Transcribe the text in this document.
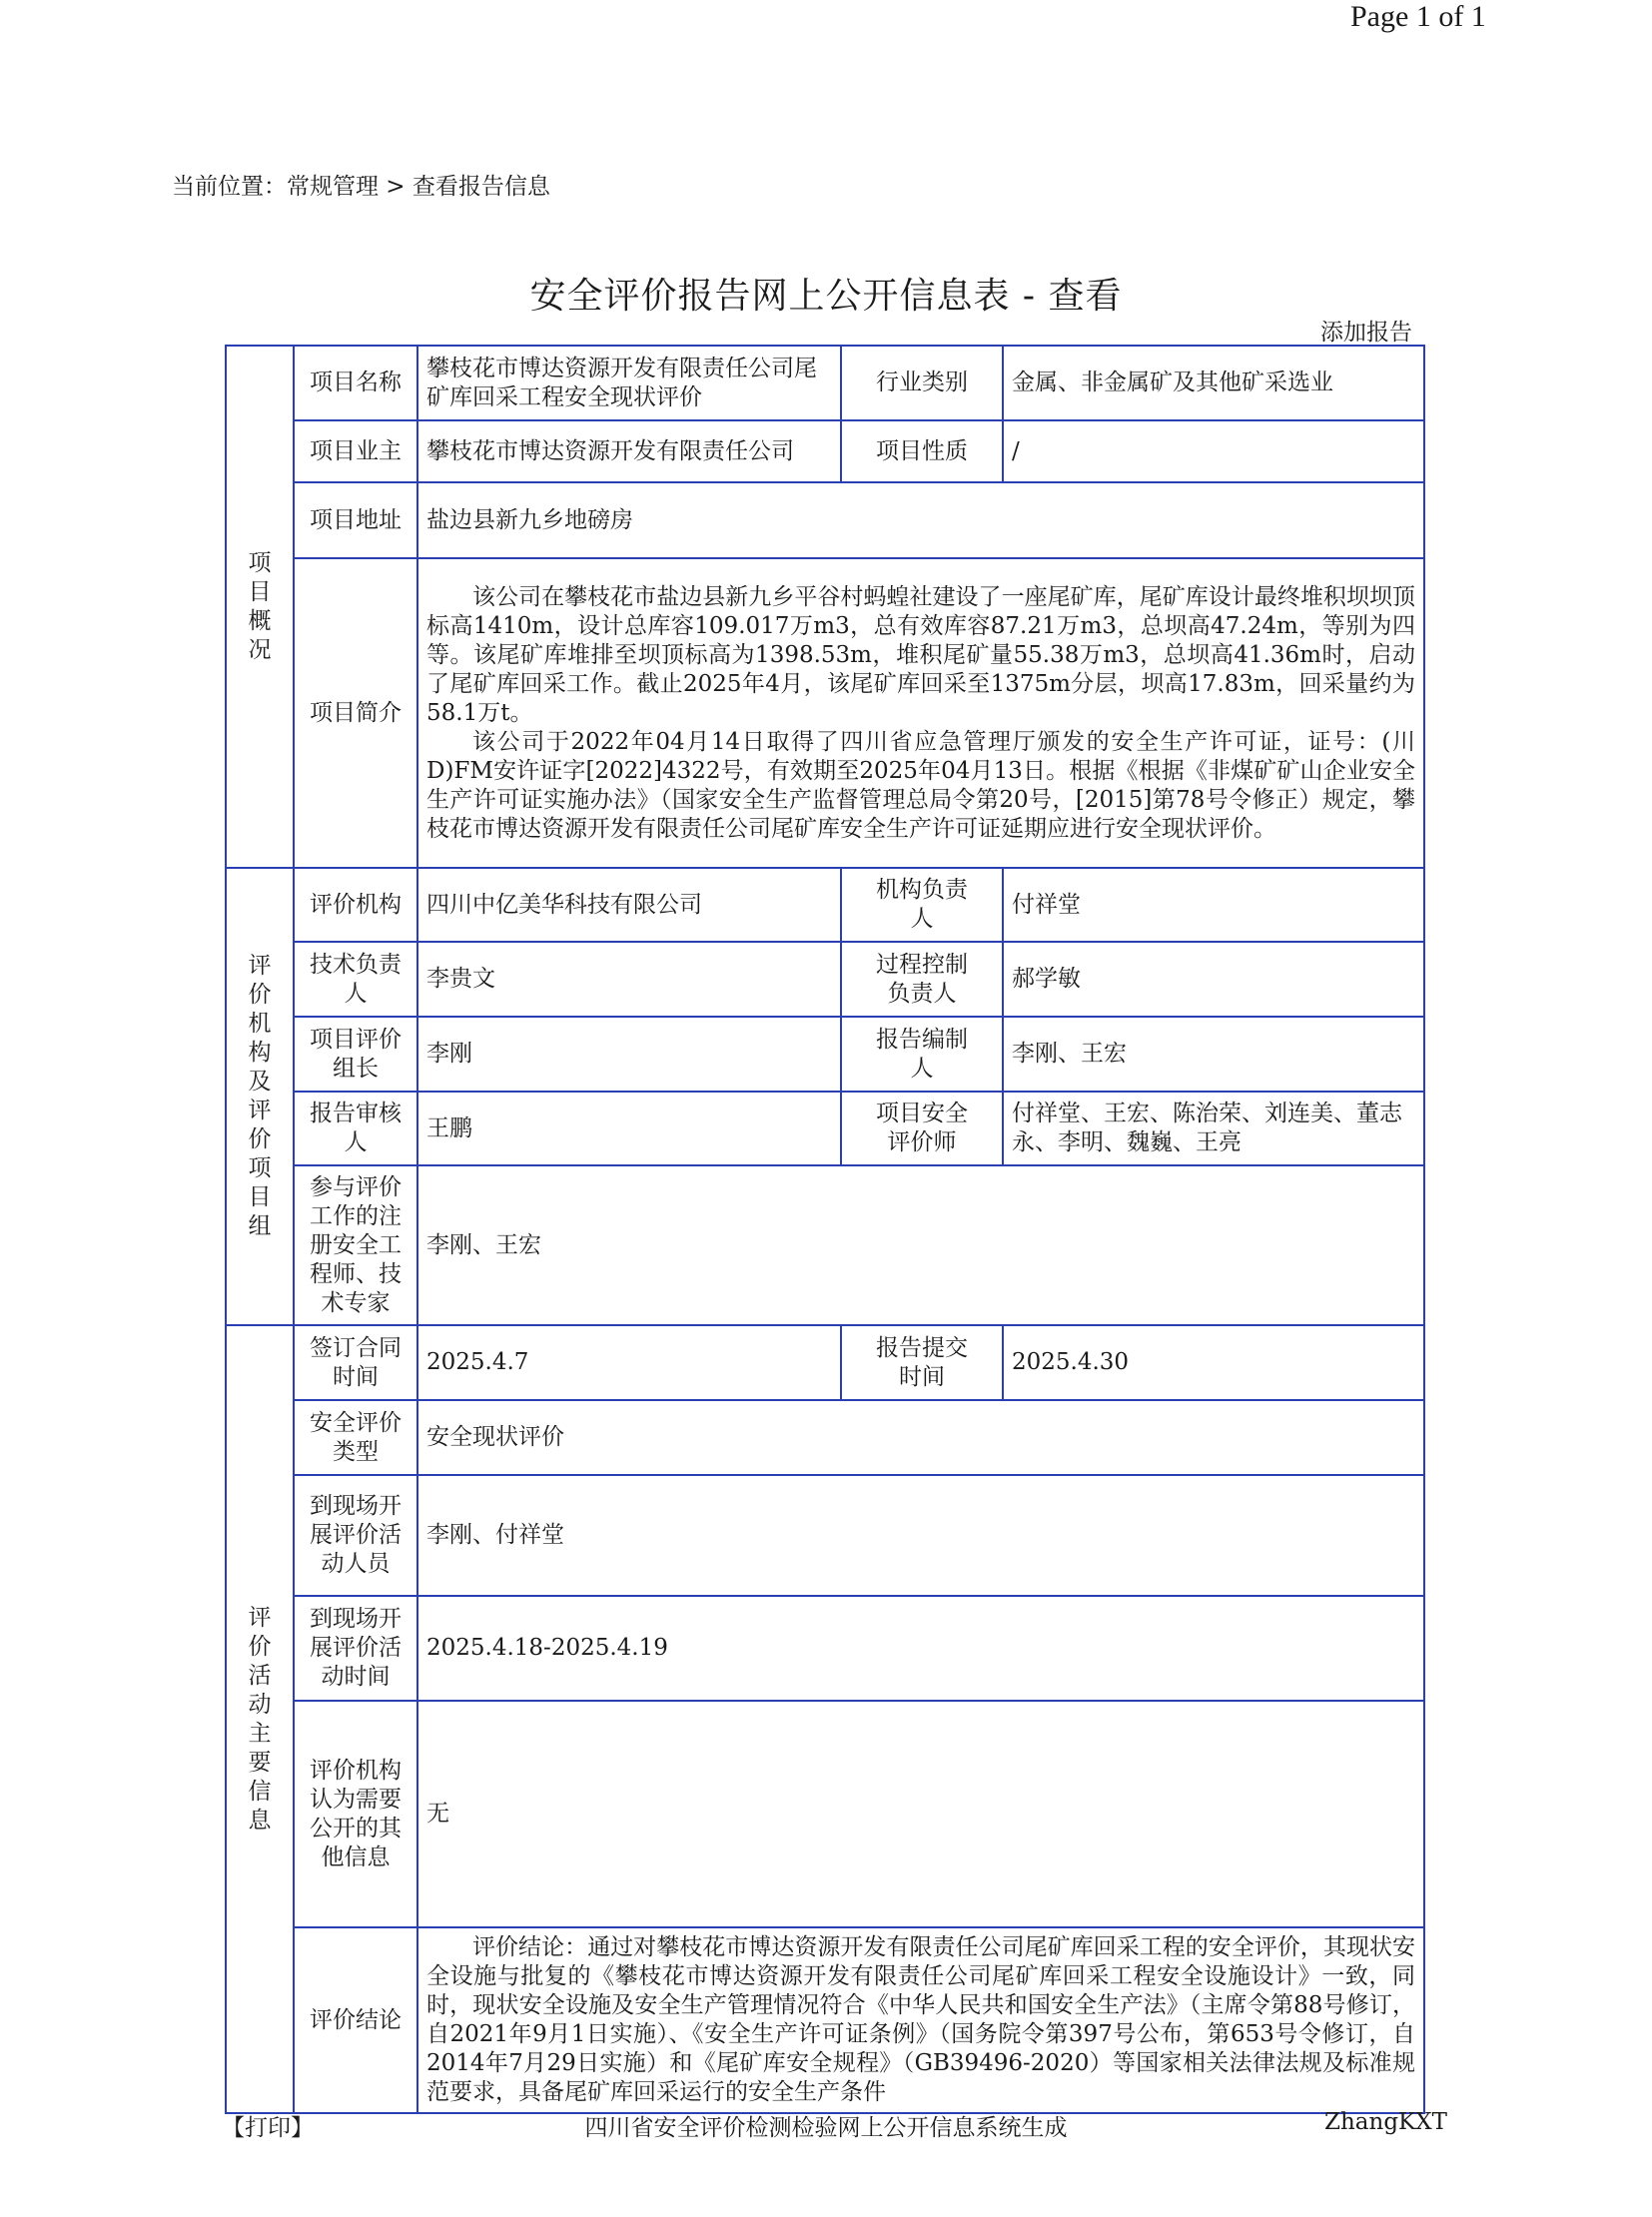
Page 1 of 1
当前位置：常规管理 > 查看报告信息
安全评价报告网上公开信息表 - 查看
添加报告
项目概况	项目名称	攀枝花市博达资源开发有限责任公司尾矿库回采工程安全现状评价	行业类别	金属、非金属矿及其他矿采选业
	项目业主	攀枝花市博达资源开发有限责任公司	项目性质	/
	项目地址	盐边县新九乡地磅房		
	项目简介	该公司在攀枝花市盐边县新九乡平谷村蚂蝗社建设了一座尾矿库，尾矿库设计最终堆积坝坝顶标高1410m，设计总库容109.017万m3，总有效库容87.21万m3，总坝高47.24m，等别为四等。该尾矿库堆排至坝顶标高为1398.53m，堆积尾矿量55.38万m3，总坝高41.36m时，启动了尾矿库回采工作。截止2025年4月，该尾矿库回采至1375m分层，坝高17.83m，回采量约为58.1万t。

该公司于2022年04月14日取得了四川省应急管理厅颁发的安全生产许可证，证号：(川D)FM安许证字[2022]4322号，有效期至2025年04月13日。根据《根据《非煤矿矿山企业安全生产许可证实施办法》（国家安全生产监督管理总局令第20号，[2015]第78号令修正）规定，攀枝花市博达资源开发有限责任公司尾矿库安全生产许可证延期应进行安全现状评价。		

评价机构及评价项目组	评价机构	四川中亿美华科技有限公司	机构负责人	付祥堂
	技术负责人	李贵文	过程控制负责人	郝学敏
	项目评价组长	李刚	报告编制人	李刚、王宏
	报告审核人	王鹏	项目安全评价师	付祥堂、王宏、陈治荣、刘连美、董志永、李明、魏巍、王亮
	参与评价工作的注册安全工程师、技术专家	李刚、王宏		
评价活动主要信息	签订合同时间	2025.4.7	报告提交时间	2025.4.30
	安全评价类型	安全现状评价		
	到现场开展评价活动人员	李刚、付祥堂		
	到现场开展评价活动时间	2025.4.18-2025.4.19		
	评价机构认为需要公开的其他信息	无		
	评价结论	评价结论：通过对攀枝花市博达资源开发有限责任公司尾矿库回采工程的安全评价，其现状安全设施与批复的《攀枝花市博达资源开发有限责任公司尾矿库回采工程安全设施设计》一致，同时，现状安全设施及安全生产管理情况符合《中华人民共和国安全生产法》（主席令第88号修订，自2021年9月1日实施）、《安全生产许可证条例》（国务院令第397号公布，第653号令修订，自2014年7月29日实施）和《尾矿库安全规程》（GB39496-2020）等国家相关法律法规及标准规范要求，具备尾矿库回采运行的安全生产条件		

【打印】	四川省安全评价检测检验网上公开信息系统生成	ZhangKXT
